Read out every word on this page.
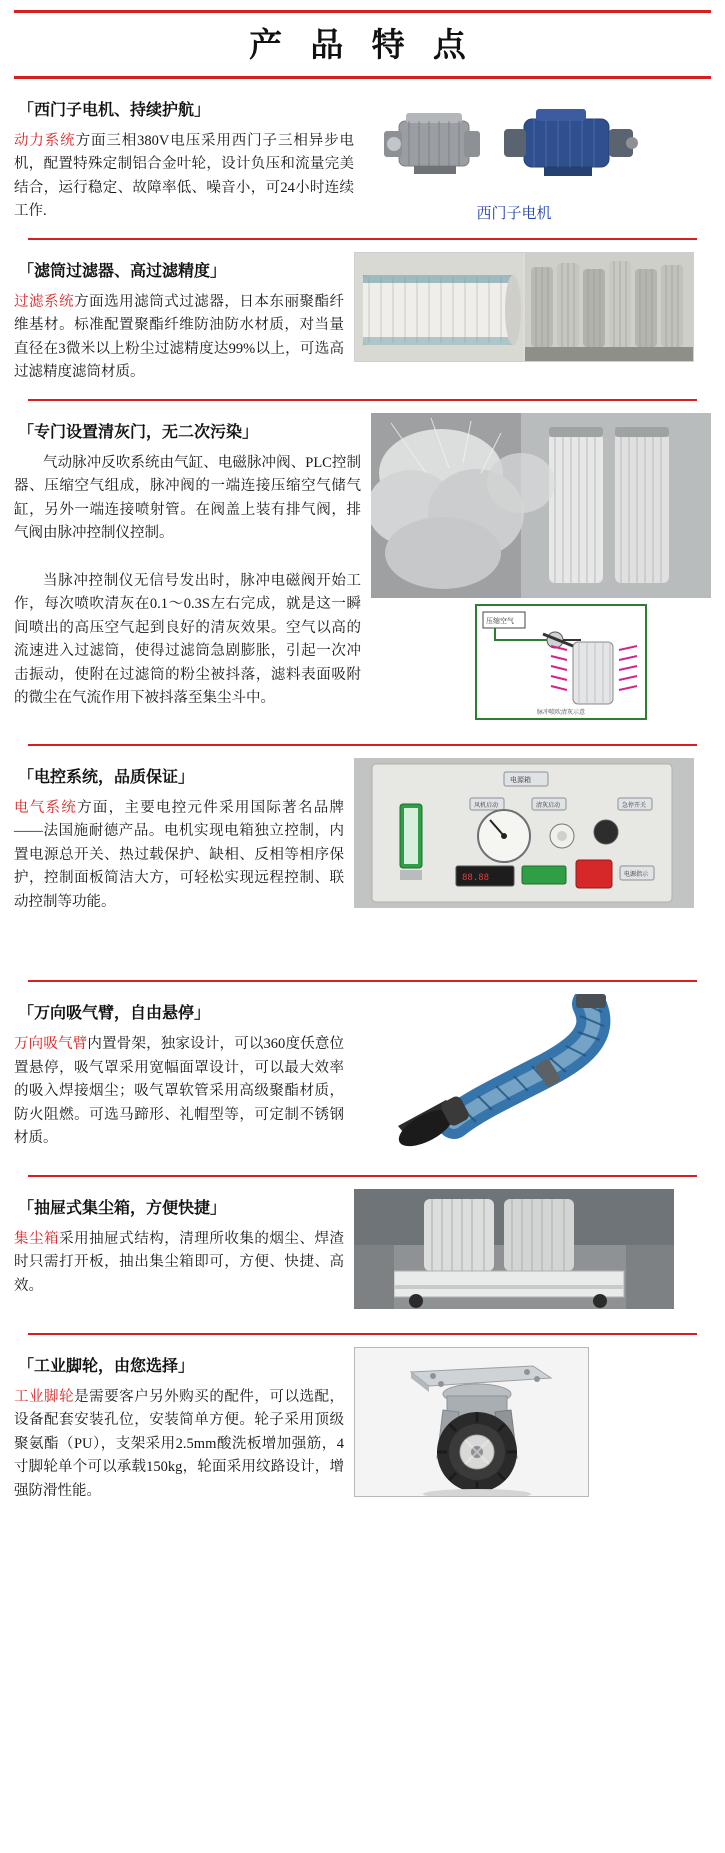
产 品 特 点
「西门子电机、持续护航」
动力系统方面三相380V电压采用西门子三相异步电机，配置特殊定制铝合金叶轮，设计负压和流量完美结合，运行稳定、故障率低、噪音小，可24小时连续工作.	西门子电机
「滤筒过滤器、高过滤精度」
过滤系统方面选用滤筒式过滤器，日本东丽聚酯纤维基材。标准配置聚酯纤维防油防水材质，对当量直径在3微米以上粉尘过滤精度达99%以上，可选高过滤精度滤筒材质。
「专门设置清灰门，无二次污染」
气动脉冲反吹系统由气缸、电磁脉冲阀、PLC控制器、压缩空气组成，脉冲阀的一端连接压缩空气储气缸，另外一端连接喷射管。在阀盖上装有排气阀，排气阀由脉冲控制仪控制。
当脉冲控制仪无信号发出时，脉冲电磁阀开始工作，每次喷吹清灰在0.1～0.3S左右完成，就是这一瞬间喷出的高压空气起到良好的清灰效果。空气以高的流速进入过滤筒，使得过滤筒急剧膨胀，引起一次冲击振动，使附在过滤筒的粉尘被抖落，滤料表面吸附的微尘在气流作用下被抖落至集尘斗中。
压缩空气
脉冲喷吹清灰示意
「电控系统，品质保证」
电气系统方面，主要电控元件采用国际著名品牌——法国施耐德产品。电机实现电箱独立控制，内置电源总开关、热过载保护、缺相、反相等相序保护，控制面板简洁大方，可轻松实现远程控制、联动控制等功能。
电源箱
风机启动	清灰启动
88.88
急停开关
电源指示
「万向吸气臂，自由悬停」
万向吸气臂内置骨架，独家设计，可以360度仸意位置悬停，吸气罩采用宽幅面罩设计，可以最大效率的吸入焊接烟尘；吸气罩软管采用高级聚酯材质，防火阻燃。可选马蹄形、礼帽型等，可定制不锈钢材质。
「抽屉式集尘箱，方便快捷」
集尘箱采用抽屉式结构，清理所收集的烟尘、焊渣时只需打开板，抽出集尘箱即可，方便、快捷、高效。
「工业脚轮，由您选择」
工业脚轮是需要客户另外购买的配件，可以选配，设备配套安装孔位，安装简单方便。轮子采用顶级聚氨酯（PU），支架采用2.5mm酸洗板增加强筋，4寸脚轮单个可以承载150kg，轮面采用纹路设计，增强防滑性能。
